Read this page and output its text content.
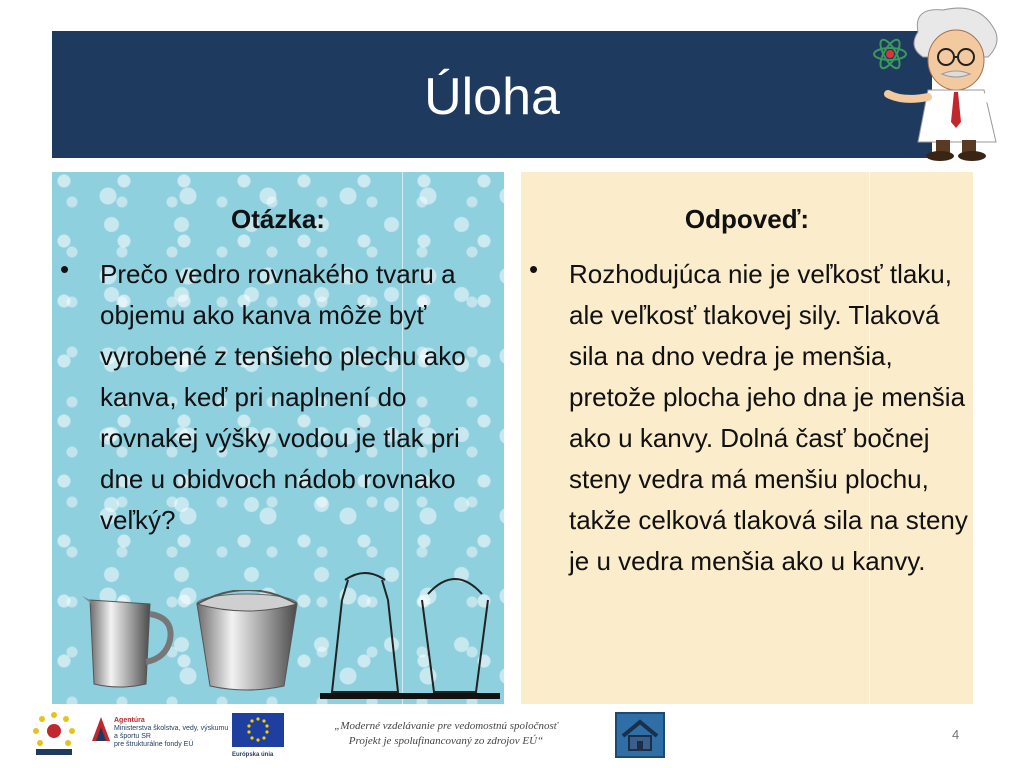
Úloha
Otázka:
• Prečo vedro rovnakého tvaru a objemu ako kanva môže byť vyrobené z tenšieho plechu ako kanva, keď pri naplnení do rovnakej výšky vodou je tlak pri dne u obidvoch nádob rovnako veľký?
Odpoveď:
• Rozhodujúca nie je veľkosť tlaku, ale veľkosť tlakovej sily. Tlaková sila na dno vedra je menšia, pretože plocha jeho dna je menšia ako u kanvy. Dolná časť bočnej steny vedra má menšiu plochu, takže celková tlaková sila na steny je u vedra menšia ako u kanvy.
Agentúra
Ministerstva školstva, vedy, výskumu a športu SR
pre štrukturálne fondy EÚ
Európska únia
„Moderné vzdelávanie pre vedomostnú spoločnosť
Projekt je spolufinancovaný zo zdrojov EÚ“	4
